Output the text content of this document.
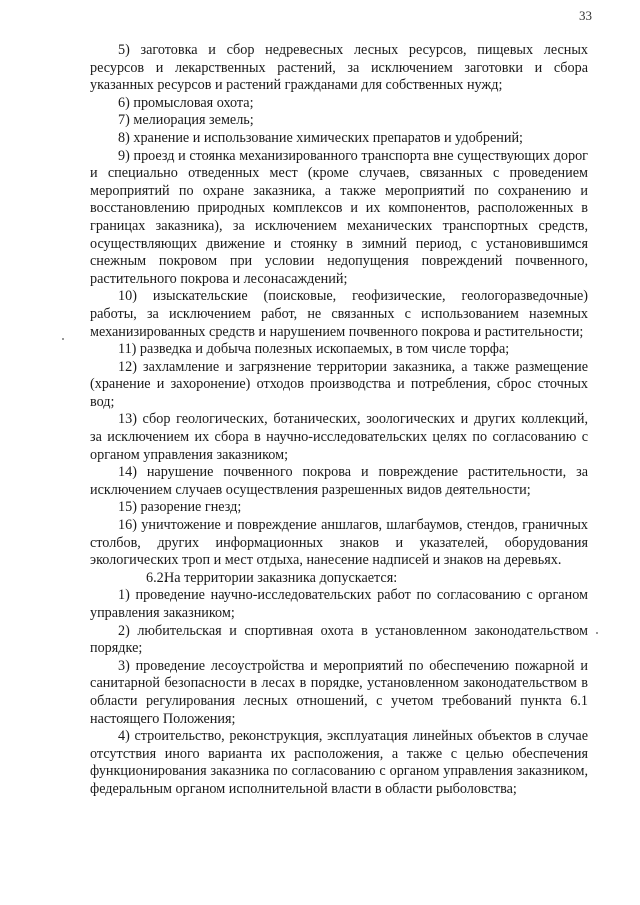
33

5) заготовка и сбор недревесных лесных ресурсов, пищевых лесных ресурсов и лекарственных растений, за исключением заготовки и сбора указанных ресурсов и растений гражданами для собственных нужд;

6) промысловая охота;

7) мелиорация земель;

8) хранение и использование химических препаратов и удобрений;

9) проезд и стоянка механизированного транспорта вне существующих дорог и специально отведенных мест (кроме случаев, связанных с проведением мероприятий по охране заказника, а также мероприятий по сохранению и восстановлению природных комплексов и их компонентов, расположенных в границах заказника), за исключением механических транспортных средств, осуществляющих движение и стоянку в зимний период, с установившимся снежным покровом при условии недопущения повреждений почвенного, растительного покрова и лесонасаждений;

10) изыскательские (поисковые, геофизические, геологоразведочные) работы, за исключением работ, не связанных с использованием наземных механизированных средств и нарушением почвенного покрова и растительности;

11) разведка и добыча полезных ископаемых, в том числе торфа;

12) захламление и загрязнение территории заказника, а также размещение (хранение и захоронение) отходов производства и потребления, сброс сточных вод;

13) сбор геологических, ботанических, зоологических и других коллекций, за исключением их сбора в научно-исследовательских целях по согласованию с органом управления заказником;

14) нарушение почвенного покрова и повреждение растительности, за исключением случаев осуществления разрешенных видов деятельности;

15) разорение гнезд;

16) уничтожение и повреждение аншлагов, шлагбаумов, стендов, граничных столбов, других информационных знаков и указателей, оборудования экологических троп и мест отдыха, нанесение надписей и знаков на деревьях.

6.2.На территории заказника допускается:

1) проведение научно-исследовательских работ по согласованию с органом управления заказником;

2) любительская и спортивная охота в установленном законодательством порядке;

3) проведение лесоустройства и мероприятий по обеспечению пожарной и санитарной безопасности в лесах в порядке, установленном законодательством в области регулирования лесных отношений, с учетом требований пункта 6.1 настоящего Положения;

4) строительство, реконструкция, эксплуатация линейных объектов в случае отсутствия иного варианта их расположения, а также с целью обеспечения функционирования заказника по согласованию с органом управления заказником, федеральным органом исполнительной власти в области рыболовства;
